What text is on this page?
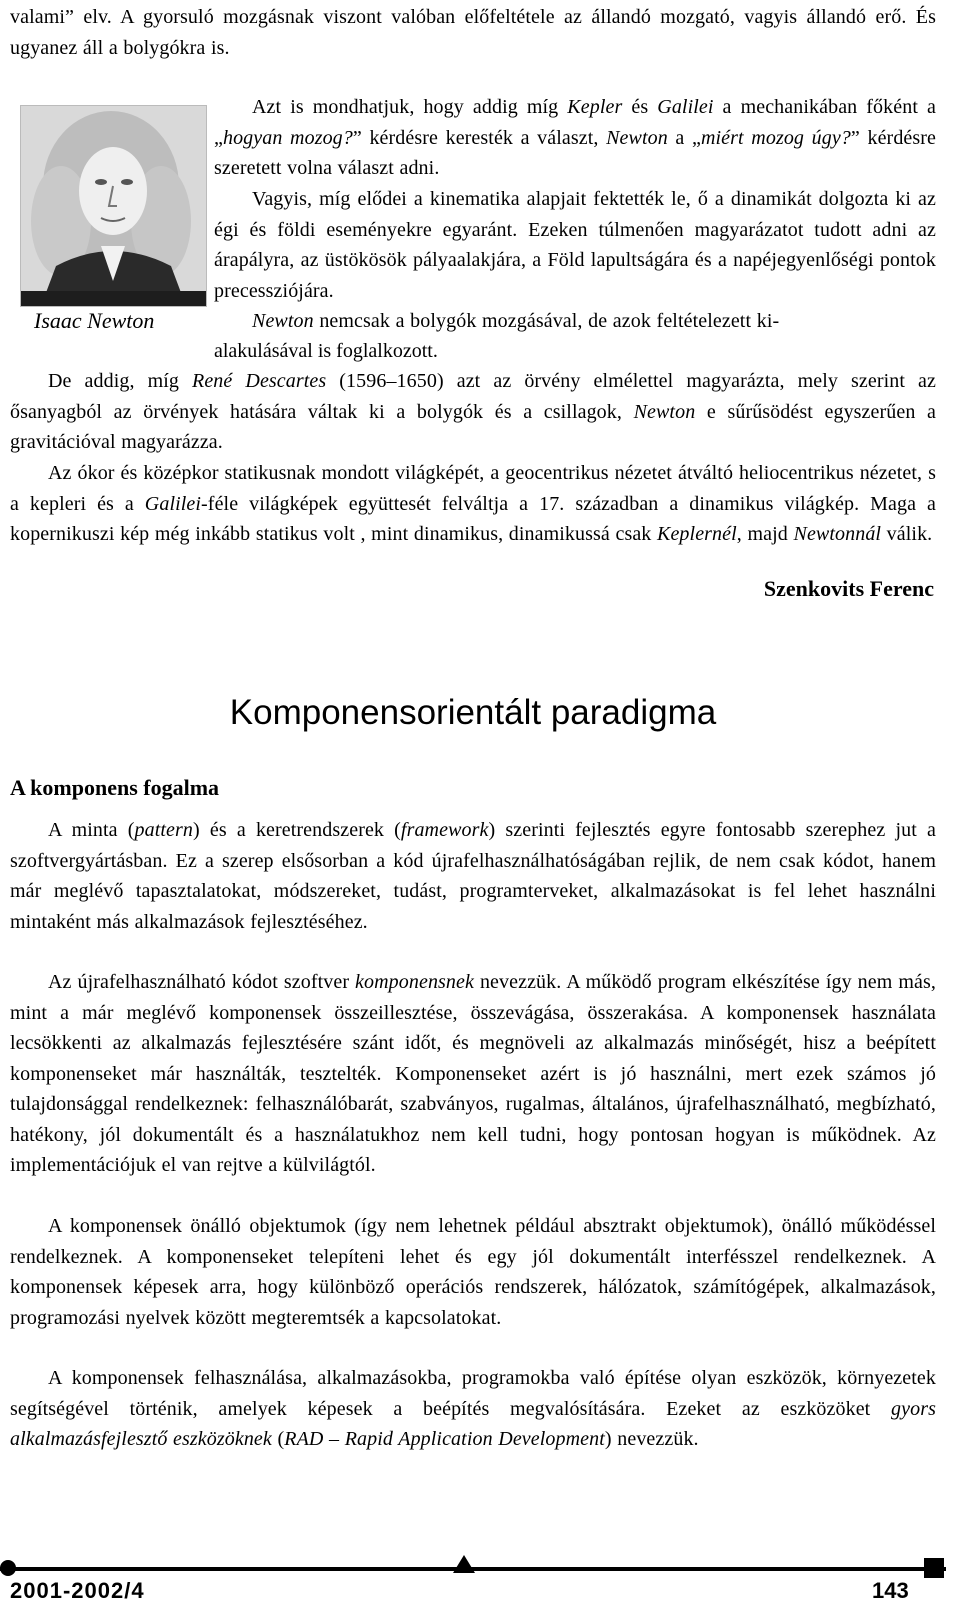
valami” elv. A gyorsuló mozgásnak viszont valóban előfeltétele az állandó mozgató, vagyis állandó erő. És ugyanez áll a bolygókra is.

Isaac Newton

Azt is mondhatjuk, hogy addig míg Kepler és Galilei a mechanikában főként a „hogyan mozog?” kérdésre keresték a választ, Newton a „miért mozog úgy?” kérdésre szeretett volna választ adni.

Vagyis, míg elődei a kinematika alapjait fektették le, ő a dinamikát dolgozta ki az égi és földi eseményekre egyaránt. Ezeken túlmenően magyarázatot tudott adni az árapályra, az üstökösök pályaalakjára, a Föld lapultságára és a napéjegyenlőségi pontok precessziójára.

Newton nemcsak a bolygók mozgásával, de azok feltételezett ki-

alakulásával is foglalkozott.

De addig, míg René Descartes (1596–1650) azt az örvény elmélettel magyarázta, mely szerint az ősanyagból az örvények hatására váltak ki a bolygók és a csillagok, Newton e sűrűsödést egyszerűen a gravitációval magyarázza.

Az ókor és középkor statikusnak mondott világképét, a geocentrikus nézetet átváltó heliocentrikus nézetet, s a kepleri és a Galilei-féle világképek együttesét felváltja a 17. században a dinamikus világkép. Maga a kopernikuszi kép még inkább statikus volt , mint dinamikus, dinamikussá csak Keplernél, majd Newtonnál válik.

Szenkovits Ferenc
Komponensorientált paradigma
A komponens fogalma

A minta (pattern) és a keretrendszerek (framework) szerinti fejlesztés egyre fontosabb szerephez jut a szoftvergyártásban. Ez a szerep elsősorban a kód újrafelhasználhatóságában rejlik, de nem csak kódot, hanem már meglévő tapasztalatokat, módszereket, tudást, programterveket, alkalmazásokat is fel lehet használni mintaként más alkalmazások fejlesztéséhez.

Az újrafelhasználható kódot szoftver komponensnek nevezzük. A működő program elkészítése így nem más, mint a már meglévő komponensek összeillesztése, összevágása, összerakása. A komponensek használata lecsökkenti az alkalmazás fejlesztésére szánt időt, és megnöveli az alkalmazás minőségét, hisz a beépített komponenseket már használták, tesztelték. Komponenseket azért is jó használni, mert ezek számos jó tulajdonsággal rendelkeznek: felhasználóbarát, szabványos, rugalmas, általános, újrafelhasználható, megbízható, hatékony, jól dokumentált és a használatukhoz nem kell tudni, hogy pontosan hogyan is működnek. Az implementációjuk el van rejtve a külvilágtól.

A komponensek önálló objektumok (így nem lehetnek például absztrakt objektumok), önálló működéssel rendelkeznek. A komponenseket telepíteni lehet és egy jól dokumentált interfésszel rendelkeznek. A komponensek képesek arra, hogy különböző operációs rendszerek, hálózatok, számítógépek, alkalmazások, programozási nyelvek között megteremtsék a kapcsolatokat.

A komponensek felhasználása, alkalmazásokba, programokba való építése olyan eszközök, környezetek segítségével történik, amelyek képesek a beépítés megvalósítására. Ezeket az eszközöket gyors alkalmazásfejlesztő eszközöknek (RAD – Rapid Application Development) nevezzük.

2001-2002/4	143
